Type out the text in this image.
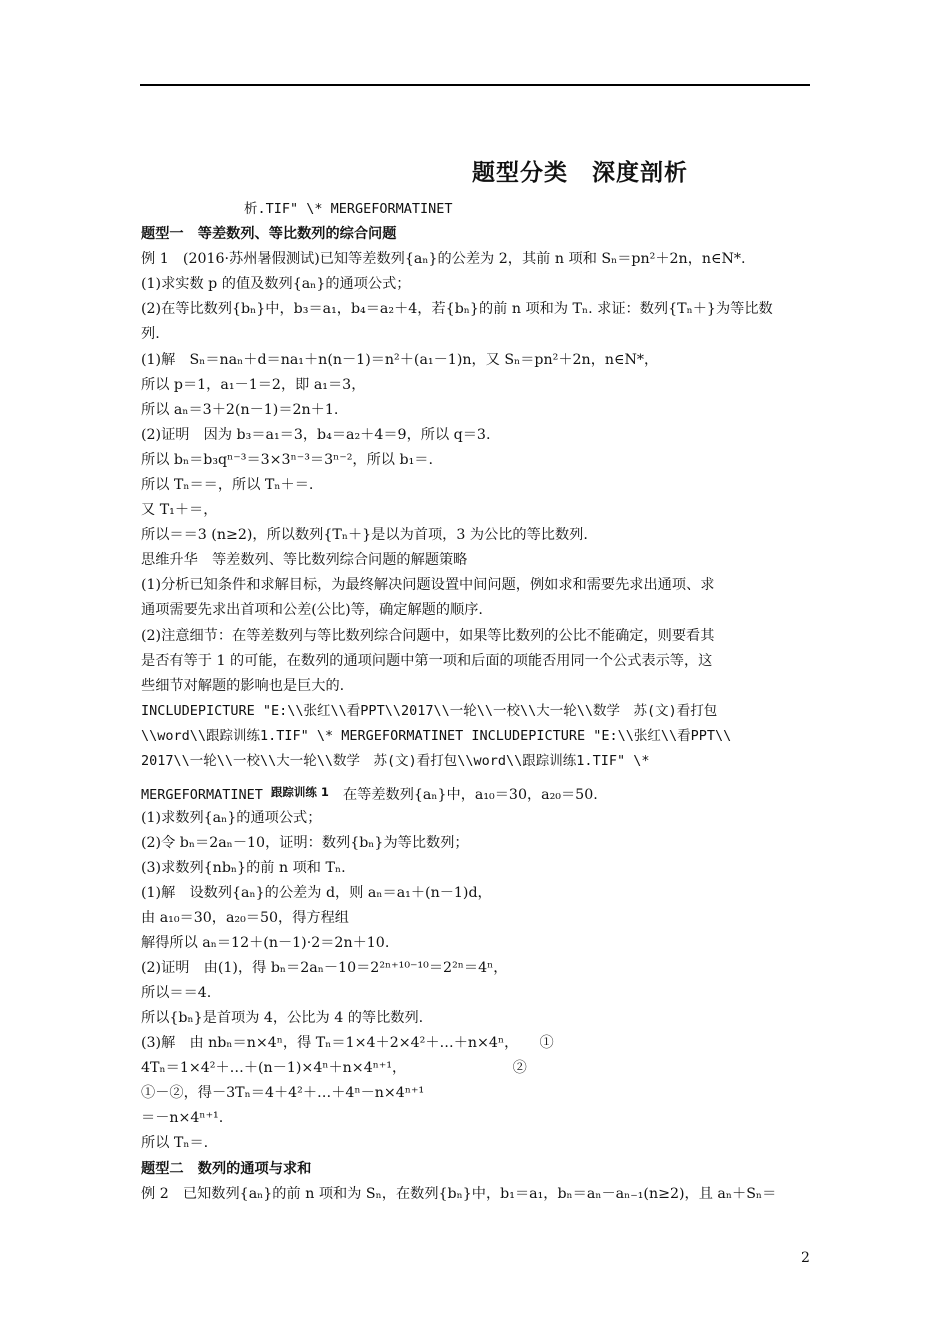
题型分类　深度剖析
析.TIF" \* MERGEFORMATINET
题型一　等差数列、等比数列的综合问题
例 1　(2016·苏州暑假测试)已知等差数列{aₙ}的公差为 2，其前 n 项和 Sₙ＝pn²＋2n，n∈N*.
(1)求实数 p 的值及数列{aₙ}的通项公式；
(2)在等比数列{bₙ}中，b₃＝a₁，b₄＝a₂＋4，若{bₙ}的前 n 项和为 Tₙ. 求证：数列{Tₙ＋}为等比数
列.
(1)解　Sₙ＝naₙ＋d＝na₁＋n(n－1)＝n²＋(a₁－1)n，又 Sₙ＝pn²＋2n，n∈N*，
所以 p＝1，a₁－1＝2，即 a₁＝3，
所以 aₙ＝3＋2(n－1)＝2n＋1.
(2)证明　因为 b₃＝a₁＝3，b₄＝a₂＋4＝9，所以 q＝3.
所以 bₙ＝b₃qⁿ⁻³＝3×3ⁿ⁻³＝3ⁿ⁻²，所以 b₁＝.
所以 Tₙ＝＝，所以 Tₙ＋＝.
又 T₁＋＝，
所以＝＝3 (n≥2)，所以数列{Tₙ＋}是以为首项，3 为公比的等比数列.
思维升华　等差数列、等比数列综合问题的解题策略
(1)分析已知条件和求解目标，为最终解决问题设置中间问题，例如求和需要先求出通项、求
通项需要先求出首项和公差(公比)等，确定解题的顺序.
(2)注意细节：在等差数列与等比数列综合问题中，如果等比数列的公比不能确定，则要看其
是否有等于 1 的可能，在数列的通项问题中第一项和后面的项能否用同一个公式表示等，这
些细节对解题的影响也是巨大的.
INCLUDEPICTURE "E:\\张红\\看PPT\\2017\\一轮\\一校\\大一轮\\数学　苏(文)看打包
\\word\\跟踪训练1.TIF" \* MERGEFORMATINET INCLUDEPICTURE "E:\\张红\\看PPT\\
2017\\一轮\\一校\\大一轮\\数学　苏(文)看打包\\word\\跟踪训练1.TIF" \*
MERGEFORMATINET $^{跟踪训练 1}$ 在等差数列{aₙ}中，a₁₀＝30，a₂₀＝50.
(1)求数列{aₙ}的通项公式；
(2)令 bₙ＝2aₙ－10，证明：数列{bₙ}为等比数列；
(3)求数列{nbₙ}的前 n 项和 Tₙ.
(1)解　设数列{aₙ}的公差为 d，则 aₙ＝a₁＋(n－1)d，
由 a₁₀＝30，a₂₀＝50，得方程组
解得所以 aₙ＝12＋(n－1)·2＝2n＋10.
(2)证明　由(1)，得 bₙ＝2aₙ－10＝2²ⁿ⁺¹⁰⁻¹⁰＝2²ⁿ＝4ⁿ，
所以＝＝4.
所以{bₙ}是首项为 4，公比为 4 的等比数列.
(3)解　由 nbₙ＝n×4ⁿ，得 Tₙ＝1×4＋2×4²＋…＋n×4ⁿ，　　①
4Tₙ＝1×4²＋…＋(n－1)×4ⁿ＋n×4ⁿ⁺¹，　　　　　　　　②
①－②，得－3Tₙ＝4＋4²＋…＋4ⁿ－n×4ⁿ⁺¹
＝－n×4ⁿ⁺¹.
所以 Tₙ＝.
题型二　数列的通项与求和
例 2　已知数列{aₙ}的前 n 项和为 Sₙ，在数列{bₙ}中，b₁＝a₁，bₙ＝aₙ－aₙ₋₁(n≥2)，且 aₙ＋Sₙ＝
2
